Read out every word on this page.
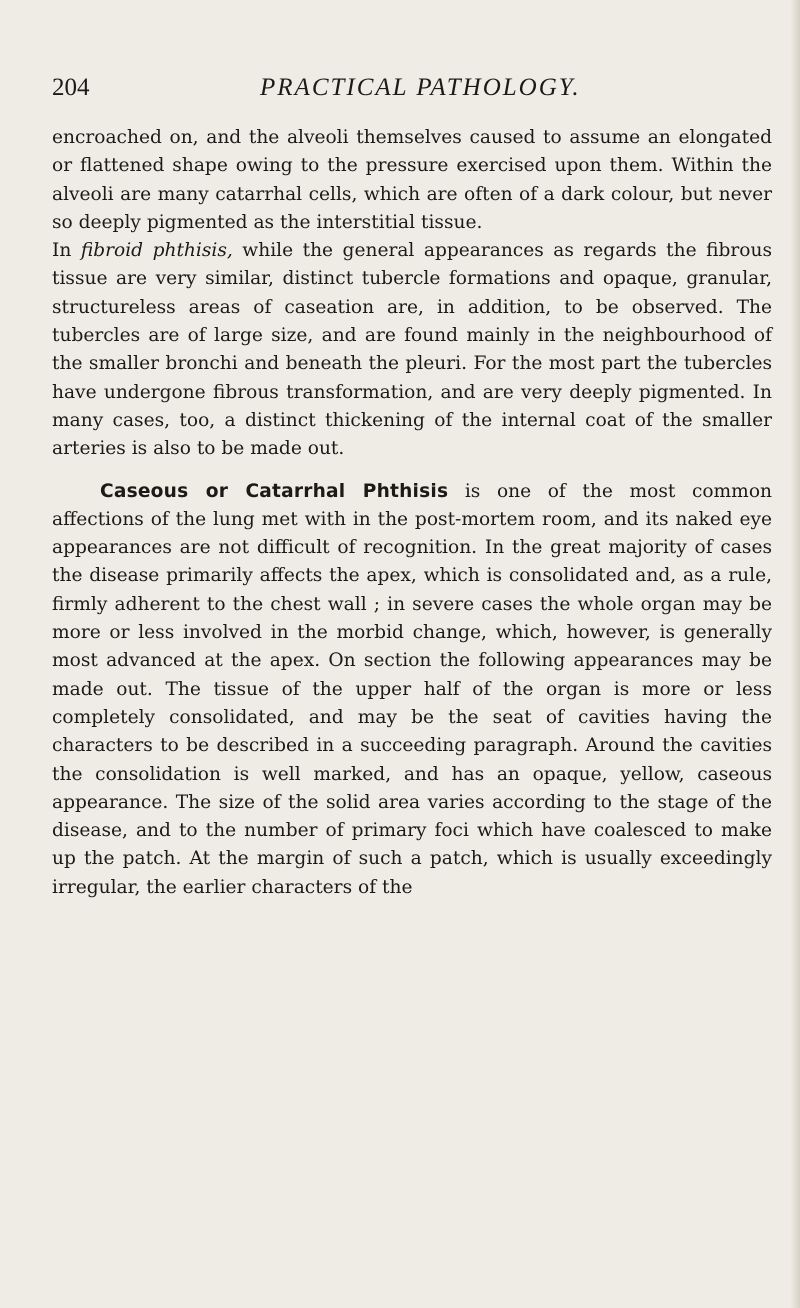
204	PRACTICAL PATHOLOGY.

encroached on, and the alveoli themselves caused to assume an elongated or flattened shape owing to the pressure exercised upon them. Within the alveoli are many catarrhal cells, which are often of a dark colour, but never so deeply pigmented as the interstitial tissue.

In fibroid phthisis, while the general appearances as regards the fibrous tissue are very similar, distinct tubercle formations and opaque, granular, structureless areas of caseation are, in addition, to be observed. The tubercles are of large size, and are found mainly in the neighbourhood of the smaller bronchi and beneath the pleuri. For the most part the tubercles have undergone fibrous transformation, and are very deeply pigmented. In many cases, too, a distinct thickening of the internal coat of the smaller arteries is also to be made out.

Caseous or Catarrhal Phthisis is one of the most common affections of the lung met with in the post-mortem room, and its naked eye appearances are not difficult of recognition. In the great majority of cases the disease primarily affects the apex, which is consolidated and, as a rule, firmly adherent to the chest wall ; in severe cases the whole organ may be more or less involved in the morbid change, which, however, is generally most advanced at the apex. On section the following appearances may be made out. The tissue of the upper half of the organ is more or less completely consolidated, and may be the seat of cavities having the characters to be described in a succeeding paragraph. Around the cavities the consolidation is well marked, and has an opaque, yellow, caseous appearance. The size of the solid area varies according to the stage of the disease, and to the number of primary foci which have coalesced to make up the patch. At the margin of such a patch, which is usually exceedingly irregular, the earlier characters of the
